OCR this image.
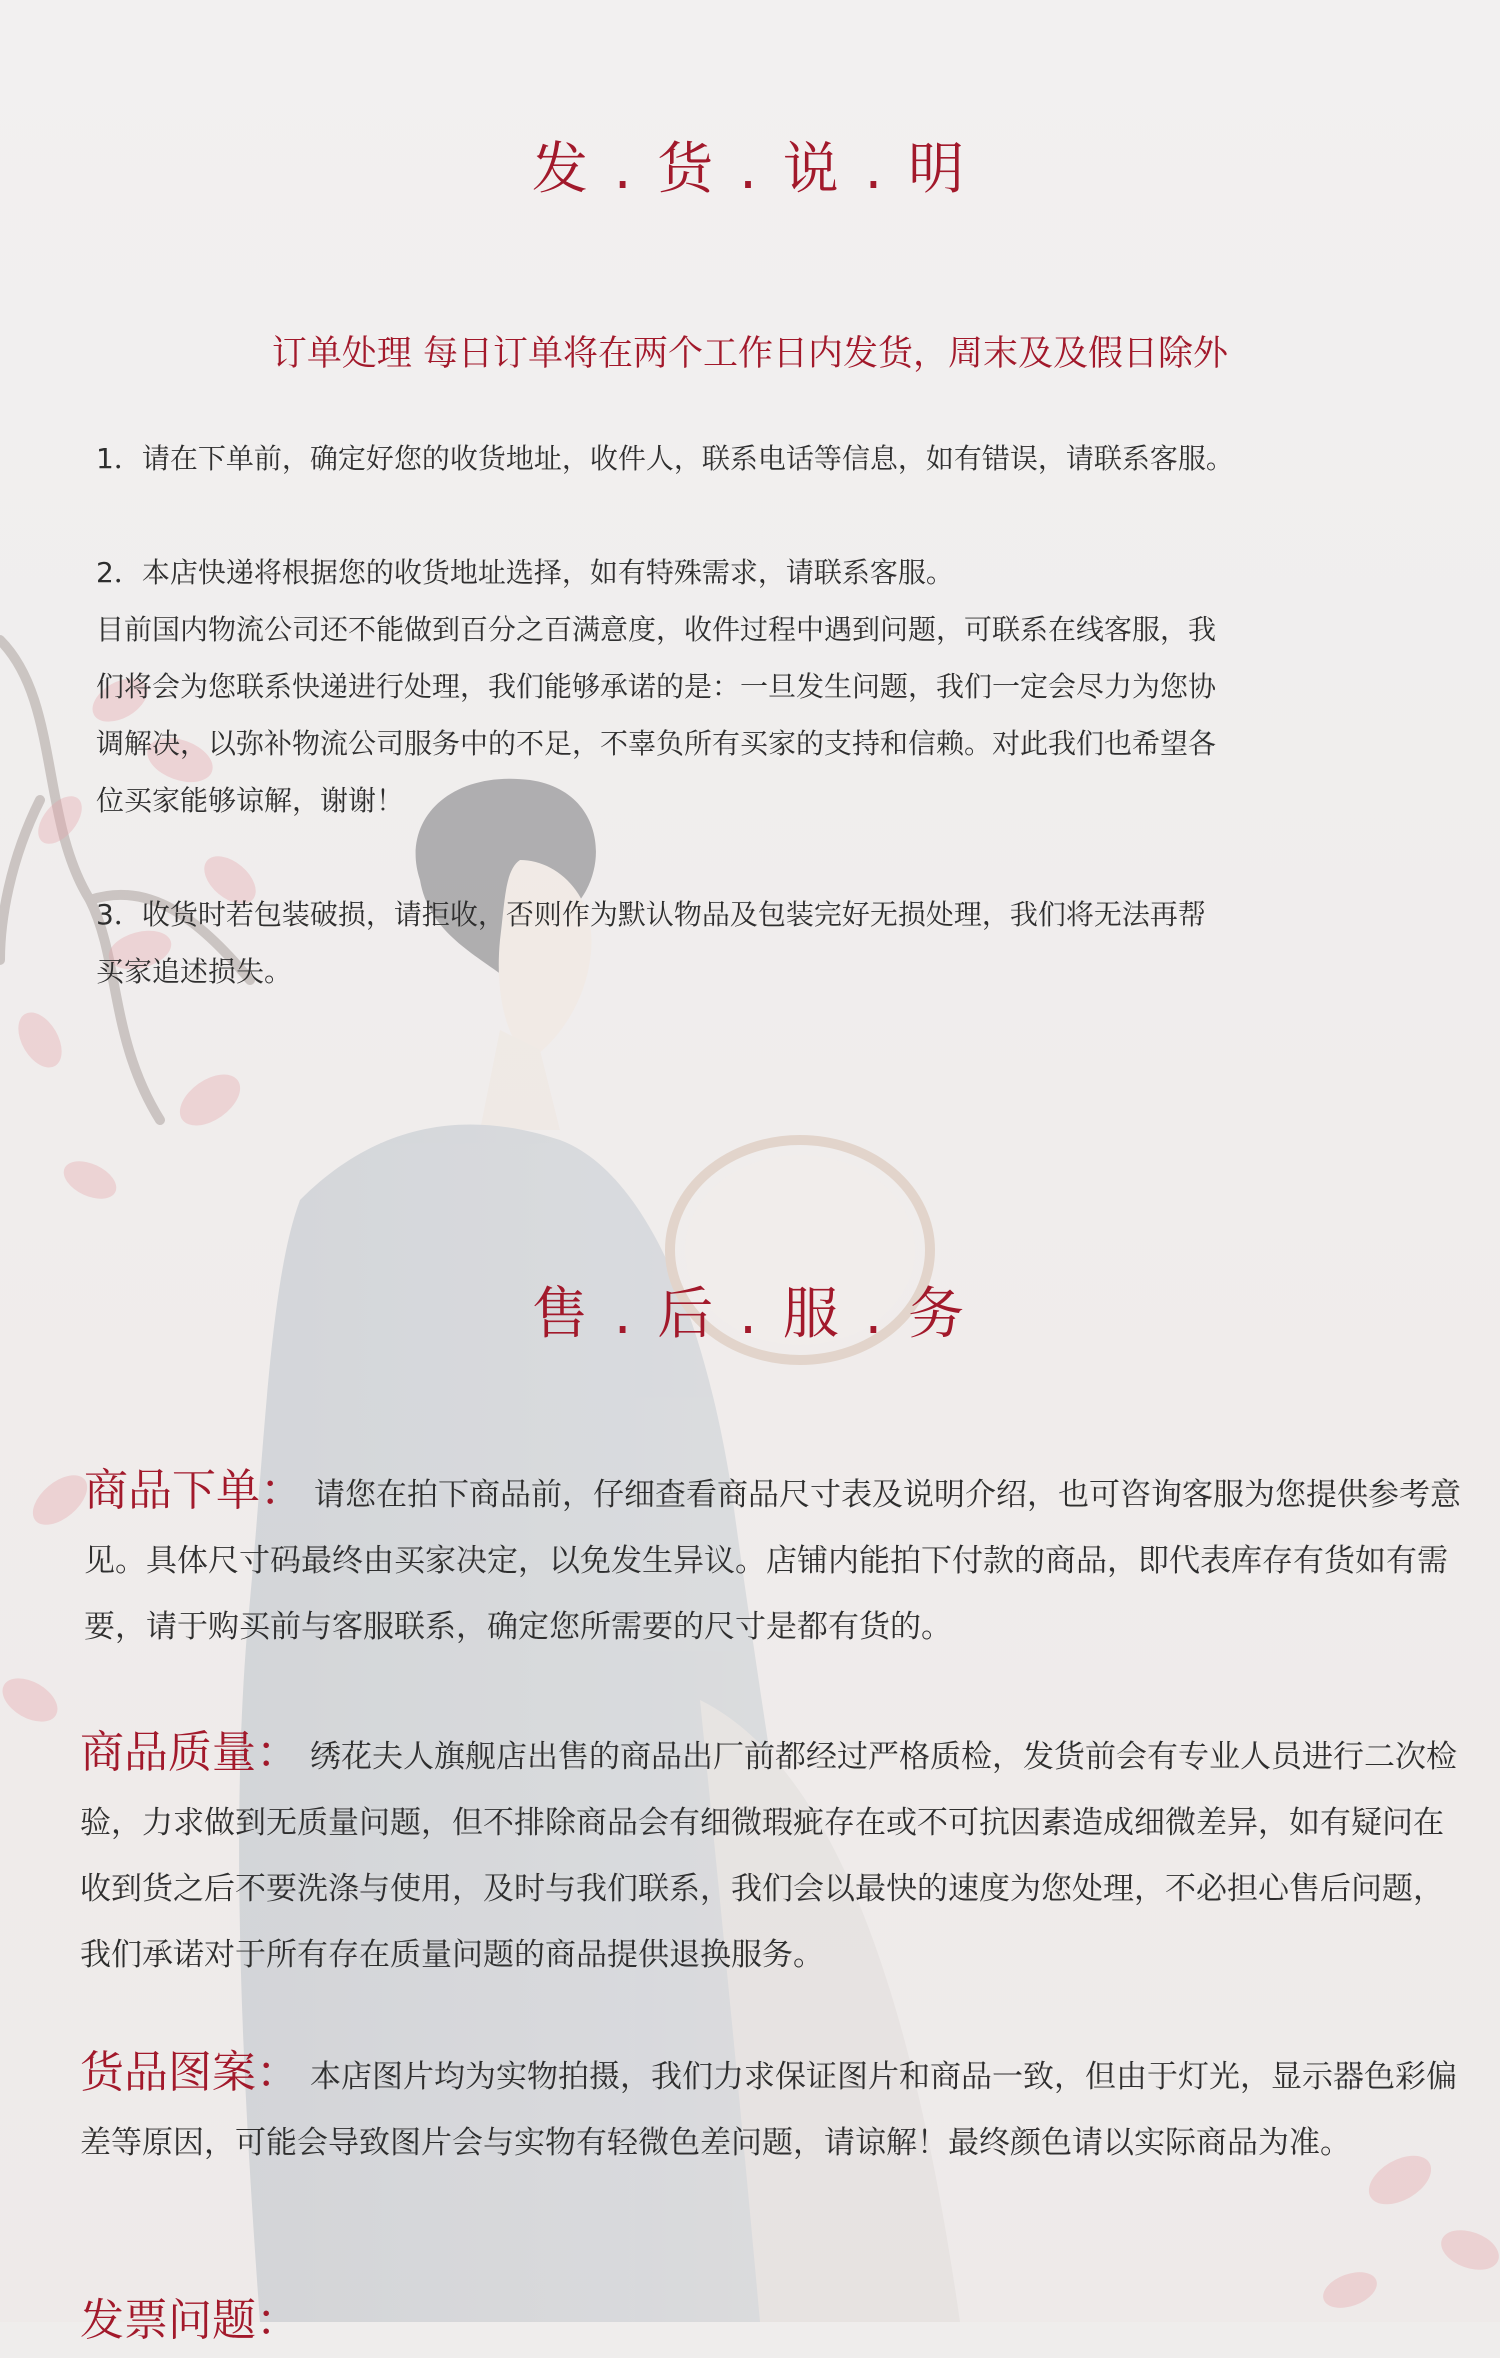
发 . 货 . 说 . 明

订单处理 每日订单将在两个工作日内发货，周末及及假日除外

1．请在下单前，确定好您的收货地址，收件人，联系电话等信息，如有错误，请联系客服。

2．本店快递将根据您的收货地址选择，如有特殊需求，请联系客服。

目前国内物流公司还不能做到百分之百满意度，收件过程中遇到问题，可联系在线客服，我

们将会为您联系快递进行处理，我们能够承诺的是：一旦发生问题，我们一定会尽力为您协

调解决，以弥补物流公司服务中的不足，不辜负所有买家的支持和信赖。对此我们也希望各

位买家能够谅解，谢谢！

3．收货时若包装破损，请拒收，否则作为默认物品及包装完好无损处理，我们将无法再帮

买家追述损失。

售 . 后 . 服 . 务

商品下单： 请您在拍下商品前，仔细查看商品尺寸表及说明介绍，也可咨询客服为您提供参考意见。具体尺寸码最终由买家决定，以免发生异议。店铺内能拍下付款的商品，即代表库存有货如有需要，请于购买前与客服联系，确定您所需要的尺寸是都有货的。

商品质量： 绣花夫人旗舰店出售的商品出厂前都经过严格质检，发货前会有专业人员进行二次检验，力求做到无质量问题，但不排除商品会有细微瑕疵存在或不可抗因素造成细微差异，如有疑问在收到货之后不要洗涤与使用，及时与我们联系，我们会以最快的速度为您处理，不必担心售后问题，我们承诺对于所有存在质量问题的商品提供退换服务。

货品图案： 本店图片均为实物拍摄，我们力求保证图片和商品一致，但由于灯光，显示器色彩偏差等原因，可能会导致图片会与实物有轻微色差问题，请谅解！最终颜色请以实际商品为准。

发票问题：
